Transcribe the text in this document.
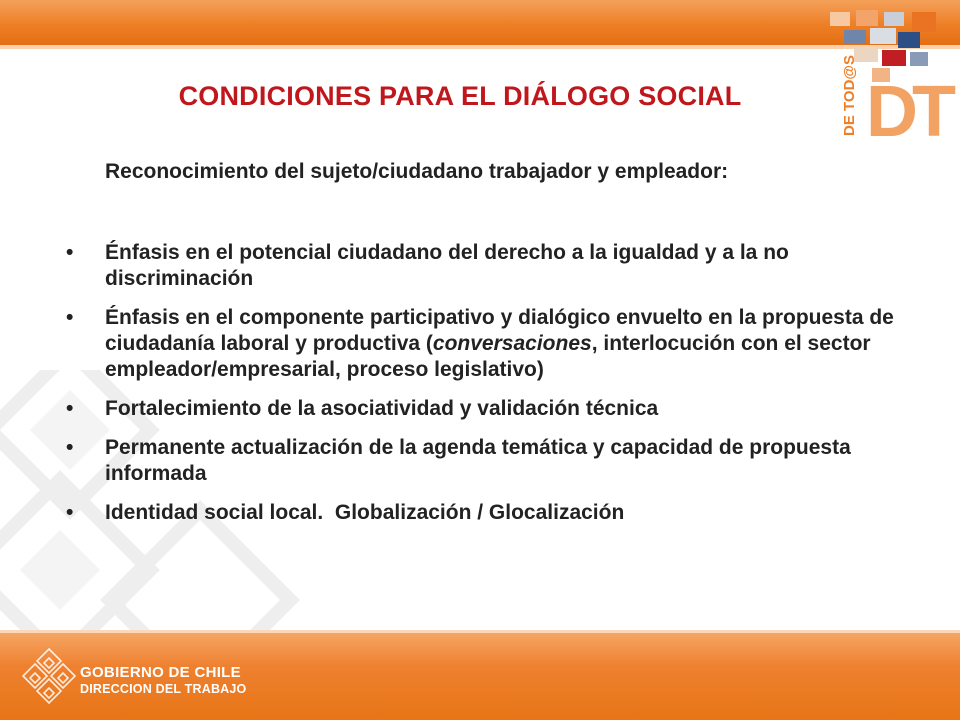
DT
DE TOD@S
CONDICIONES PARA EL DIÁLOGO SOCIAL

Reconocimiento del sujeto/ciudadano trabajador y empleador:

• Énfasis en el potencial ciudadano del derecho a la igualdad y a la no discriminación
• Énfasis en el componente participativo y dialógico envuelto en la propuesta de ciudadanía laboral y productiva (conversaciones, interlocución con el sector empleador/empresarial, proceso legislativo)
• Fortalecimiento de la asociatividad y validación técnica
• Permanente actualización de la agenda temática y capacidad de propuesta informada
• Identidad social local.  Globalización / Glocalización
GOBIERNO DE CHILE
DIRECCION DEL TRABAJO
